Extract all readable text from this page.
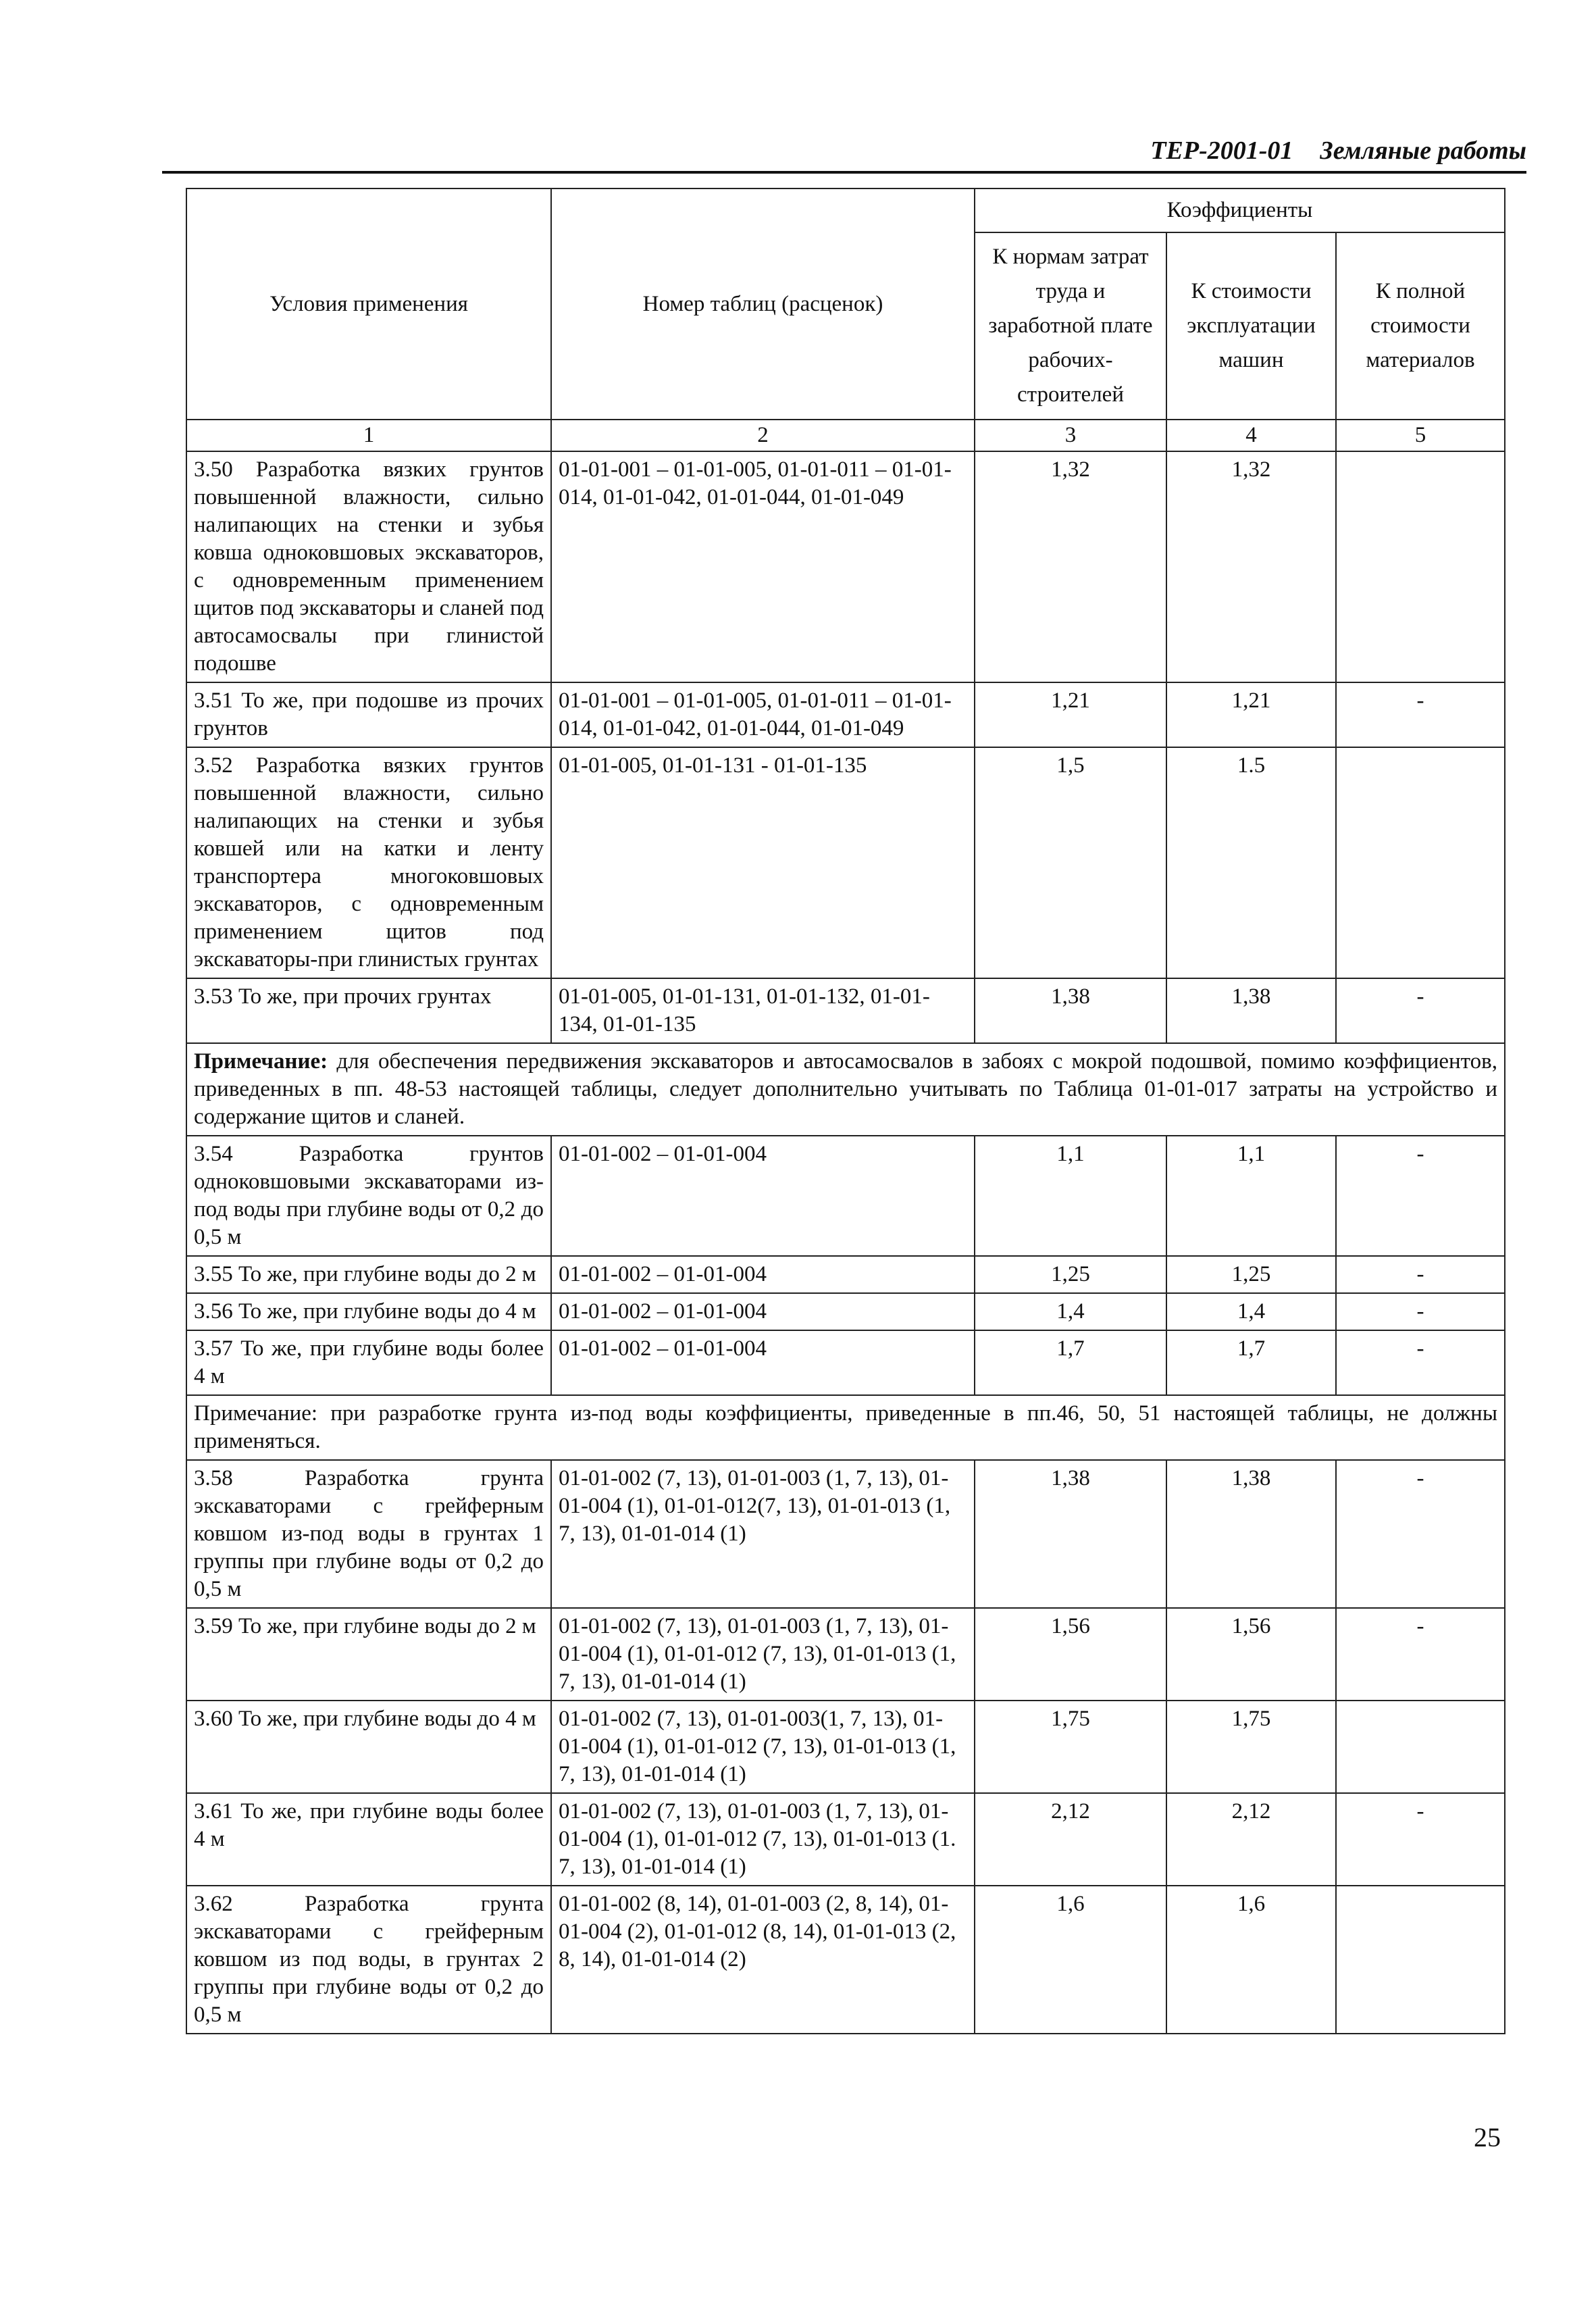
ТЕР-2001-01 Земляные работы
Условия применения	Номер таблиц (расценок)	Коэффициенты		
		К нормам затрат труда и заработной плате рабочих-строителей	К стоимости эксплуатации машин	К полной стоимости материалов
1	2	3	4	5
3.50 Разработка вязких грунтов повышенной влажности, сильно налипающих на стенки и зубья ковша одноковшовых экскаваторов, с одновременным применением щитов под экскаваторы и сланей под автосамосвалы при глинистой подошве	01-01-001 – 01-01-005, 01-01-011 – 01-01-014, 01-01-042, 01-01-044, 01-01-049	1,32	1,32	
3.51 То же, при подошве из прочих грунтов	01-01-001 – 01-01-005, 01-01-011 – 01-01-014, 01-01-042, 01-01-044, 01-01-049	1,21	1,21	-
3.52 Разработка вязких грунтов повышенной влажности, сильно налипающих на стенки и зубья ковшей или на катки и ленту транспортера многоковшовых экскаваторов, с одновременным применением щитов под экскаваторы-при глинистых грунтах	01-01-005, 01-01-131 - 01-01-135	1,5	1.5	
3.53 То же, при прочих грунтах	01-01-005, 01-01-131, 01-01-132, 01-01-134, 01-01-135	1,38	1,38	-
Примечание: для обеспечения передвижения экскаваторов и автосамосвалов в забоях с мокрой подошвой, помимо коэффициентов, приведенных в пп. 48-53 настоящей таблицы, следует дополнительно учитывать по Таблица 01-01-017 затраты на устройство и содержание щитов и сланей.				
3.54 Разработка грунтов одноковшовыми экскаваторами из-под воды при глубине воды от 0,2 до 0,5 м	01-01-002 – 01-01-004	1,1	1,1	-
3.55 То же, при глубине воды до 2 м	01-01-002 – 01-01-004	1,25	1,25	-
3.56 То же, при глубине воды до 4 м	01-01-002 – 01-01-004	1,4	1,4	-
3.57 То же, при глубине воды более 4 м	01-01-002 – 01-01-004	1,7	1,7	-
Примечание: при разработке грунта из-под воды коэффициенты, приведенные в пп.46, 50, 51 настоящей таблицы, не должны применяться.				
3.58 Разработка грунта экскаваторами с грейферным ковшом из-под воды в грунтах 1 группы при глубине воды от 0,2 до 0,5 м	01-01-002 (7, 13), 01-01-003 (1, 7, 13), 01-01-004 (1), 01-01-012(7, 13), 01-01-013 (1, 7, 13), 01-01-014 (1)	1,38	1,38	-
3.59 То же, при глубине воды до 2 м	01-01-002 (7, 13), 01-01-003 (1, 7, 13), 01-01-004 (1), 01-01-012 (7, 13), 01-01-013 (1, 7, 13), 01-01-014 (1)	1,56	1,56	-
3.60 То же, при глубине воды до 4 м	01-01-002 (7, 13), 01-01-003(1, 7, 13), 01-01-004 (1), 01-01-012 (7, 13), 01-01-013 (1, 7, 13), 01-01-014 (1)	1,75	1,75	
3.61 То же, при глубине воды более 4 м	01-01-002 (7, 13), 01-01-003 (1, 7, 13), 01-01-004 (1), 01-01-012 (7, 13), 01-01-013 (1. 7, 13), 01-01-014 (1)	2,12	2,12	-
3.62 Разработка грунта экскаваторами с грейферным ковшом из под воды, в грунтах 2 группы при глубине воды от 0,2 до 0,5 м	01-01-002 (8, 14), 01-01-003 (2, 8, 14), 01-01-004 (2), 01-01-012 (8, 14), 01-01-013 (2, 8, 14), 01-01-014 (2)	1,6	1,6	
25
